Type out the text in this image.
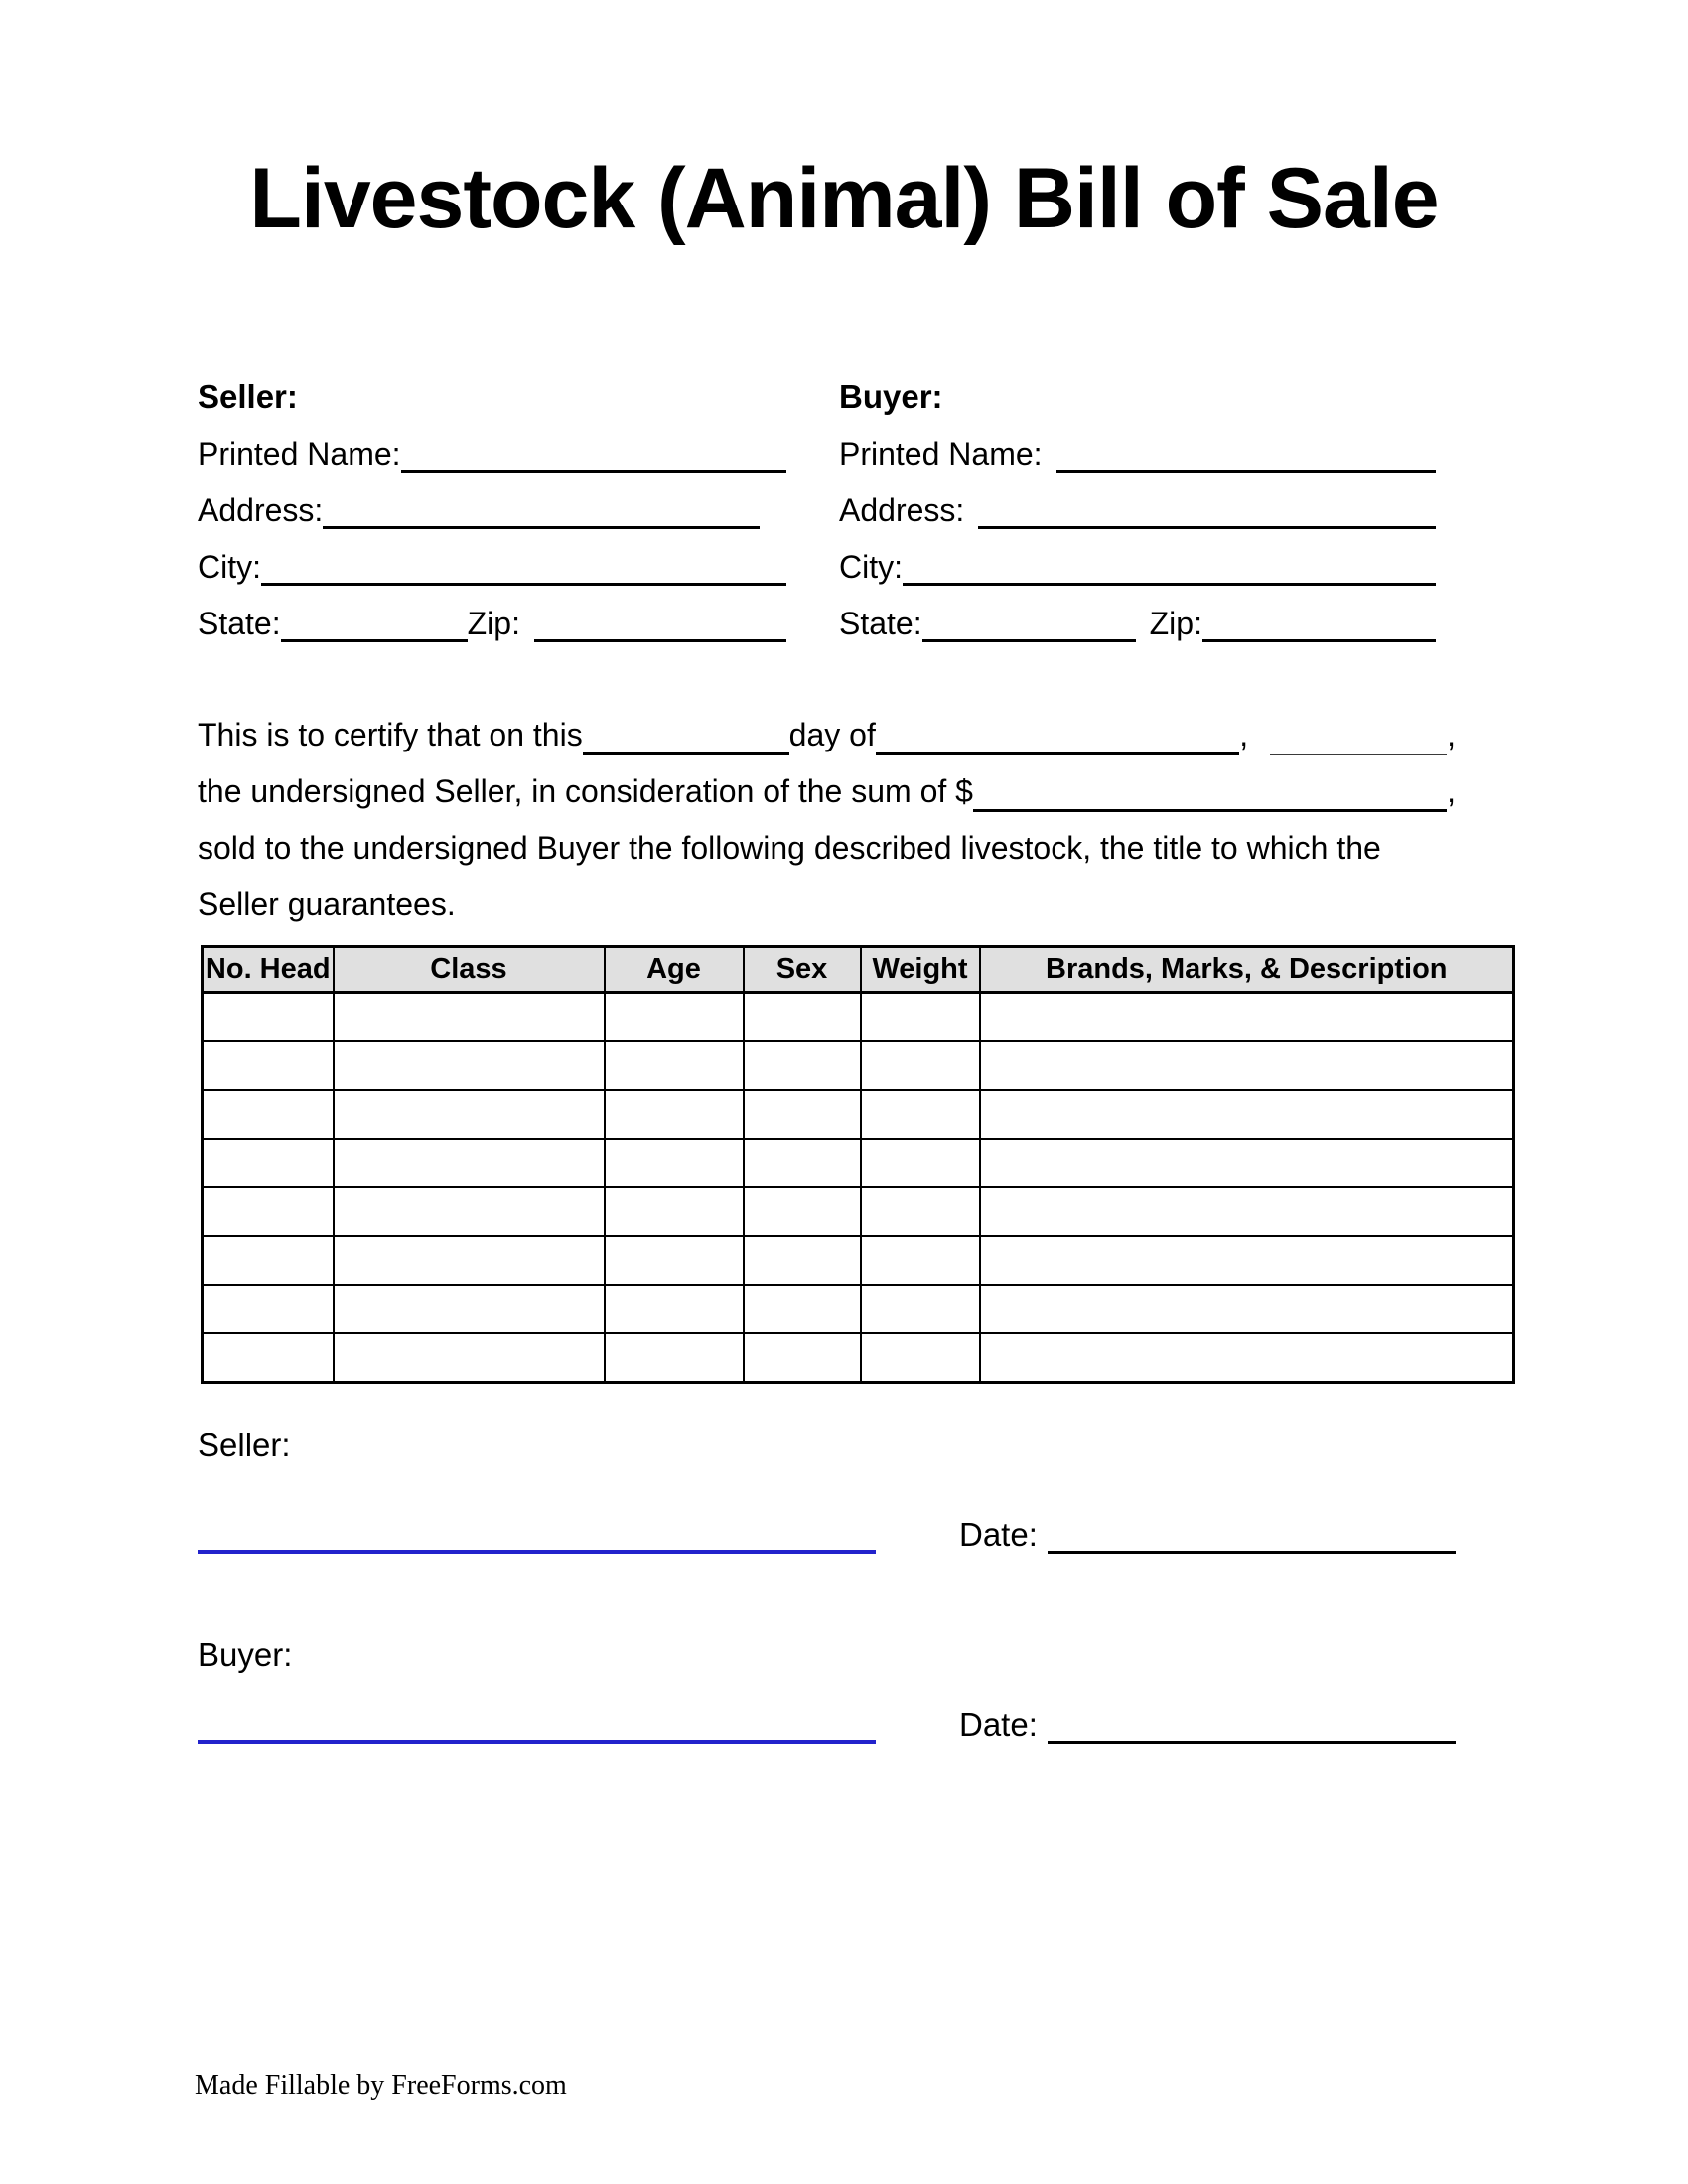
Livestock (Animal) Bill of Sale
Seller:
Printed Name:
Address:
City:
State:	Zip:
Buyer:
Printed Name:
Address:
City:
State:	Zip:
This is to certify that on this	day of	,	,
the undersigned Seller, in consideration of the sum of $	,
sold to the undersigned Buyer the following described livestock, the title to which the
Seller guarantees.
No. Head	Class	Age	Sex	Weight	Brands, Marks, & Description

Seller:
Date:
Buyer:
Date:
Made Fillable by FreeForms.com
